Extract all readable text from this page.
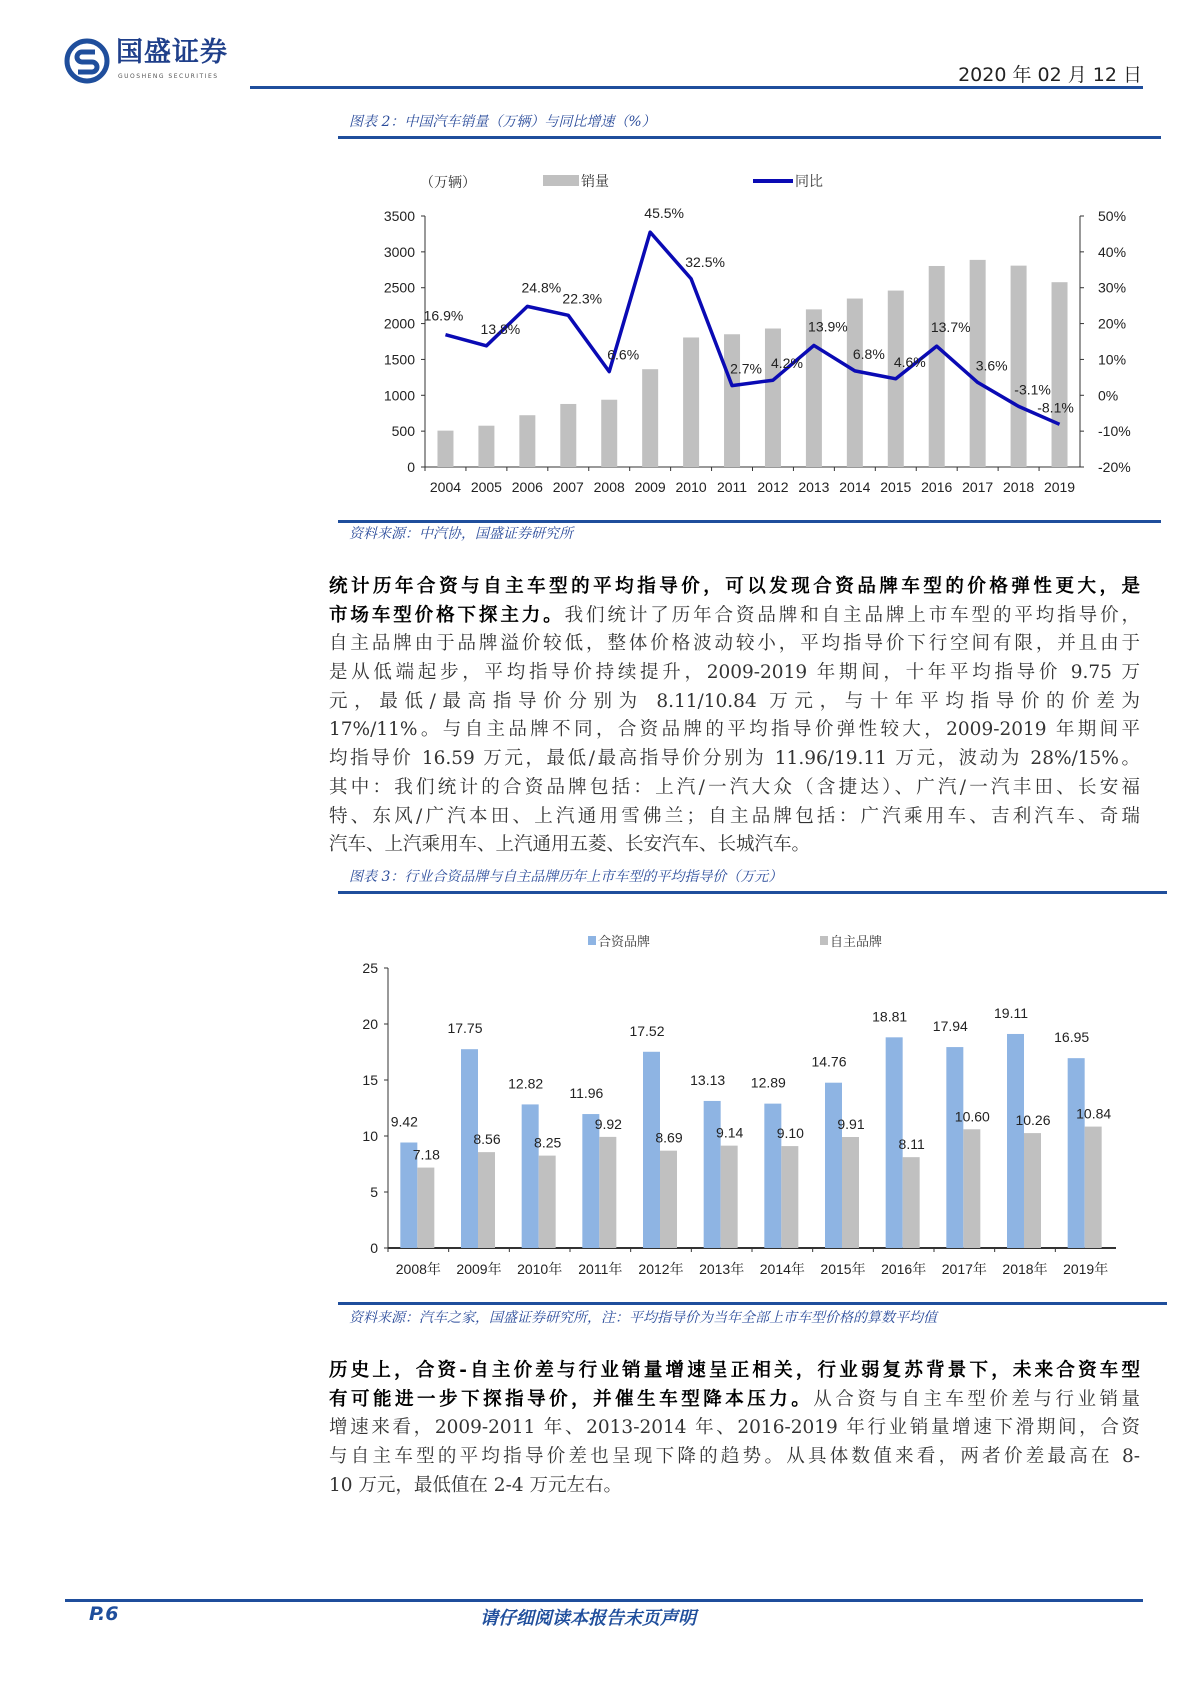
国盛证券
GUOSHENG SECURITIES	2020 年 02 月 12 日
图表 2：中国汽车销量（万辆）与同比增速（%）
（万辆）	销量	同比
0
500
1000
1500
2000
2500
3000
3500
-20%
-10%
0%
10%
20%
30%
40%
50%
2004 2005 2006 2007 2008 2009 2010 2011 2012 2013 2014 2015 2016 2017 2018 2019
16.9%
13.8%
24.8%
22.3%
6.6%
45.5%
32.5%
2.7% 4.2%
13.9%
6.8% 4.6%
13.7%
3.6%
-3.1%
-8.1%
资料来源：中汽协，国盛证券研究所
统计历年合资与自主车型的平均指导价，可以发现合资品牌车型的价格弹性更大，是
市场车型价格下探主力。我们统计了历年合资品牌和自主品牌上市车型的平均指导价，
自主品牌由于品牌溢价较低，整体价格波动较小，平均指导价下行空间有限，并且由于
是从低端起步，平均指导价持续提升，2009-2019 年期间，十年平均指导价 9.75 万
元，最低/最高指导价分别为 8.11/10.84 万元，与十年平均指导价的价差为
17%/11%。与自主品牌不同，合资品牌的平均指导价弹性较大，2009-2019 年期间平
均指导价 16.59 万元，最低/最高指导价分别为 11.96/19.11 万元，波动为 28%/15%。
其中：我们统计的合资品牌包括：上汽/一汽大众（含捷达）、广汽/一汽丰田、长安福
特、东风/广汽本田、上汽通用雪佛兰；自主品牌包括：广汽乘用车、吉利汽车、奇瑞
汽车、上汽乘用车、上汽通用五菱、长安汽车、长城汽车。
图表 3：行业合资品牌与自主品牌历年上市车型的平均指导价（万元）
合资品牌	自主品牌
0
5
10
15
20
25
9.42
7.18
2008年
17.75
8.56
2009年
12.82
8.25
2010年
11.96
9.92
2011年
17.52
8.69
2012年
13.13
9.14
2013年
12.89
9.10
2014年
14.76
9.91
2015年
18.81
8.11
2016年
17.94
10.60
2017年
19.11
10.26
2018年
16.95
10.84
2019年
资料来源：汽车之家，国盛证券研究所，注：平均指导价为当年全部上市车型价格的算数平均值
历史上，合资-自主价差与行业销量增速呈正相关，行业弱复苏背景下，未来合资车型
有可能进一步下探指导价，并催生车型降本压力。从合资与自主车型价差与行业销量
增速来看，2009-2011 年、2013-2014 年、2016-2019 年行业销量增速下滑期间，合资
与自主车型的平均指导价差也呈现下降的趋势。从具体数值来看，两者价差最高在 8-
10 万元，最低值在 2-4 万元左右。
P.6	请仔细阅读本报告末页声明
